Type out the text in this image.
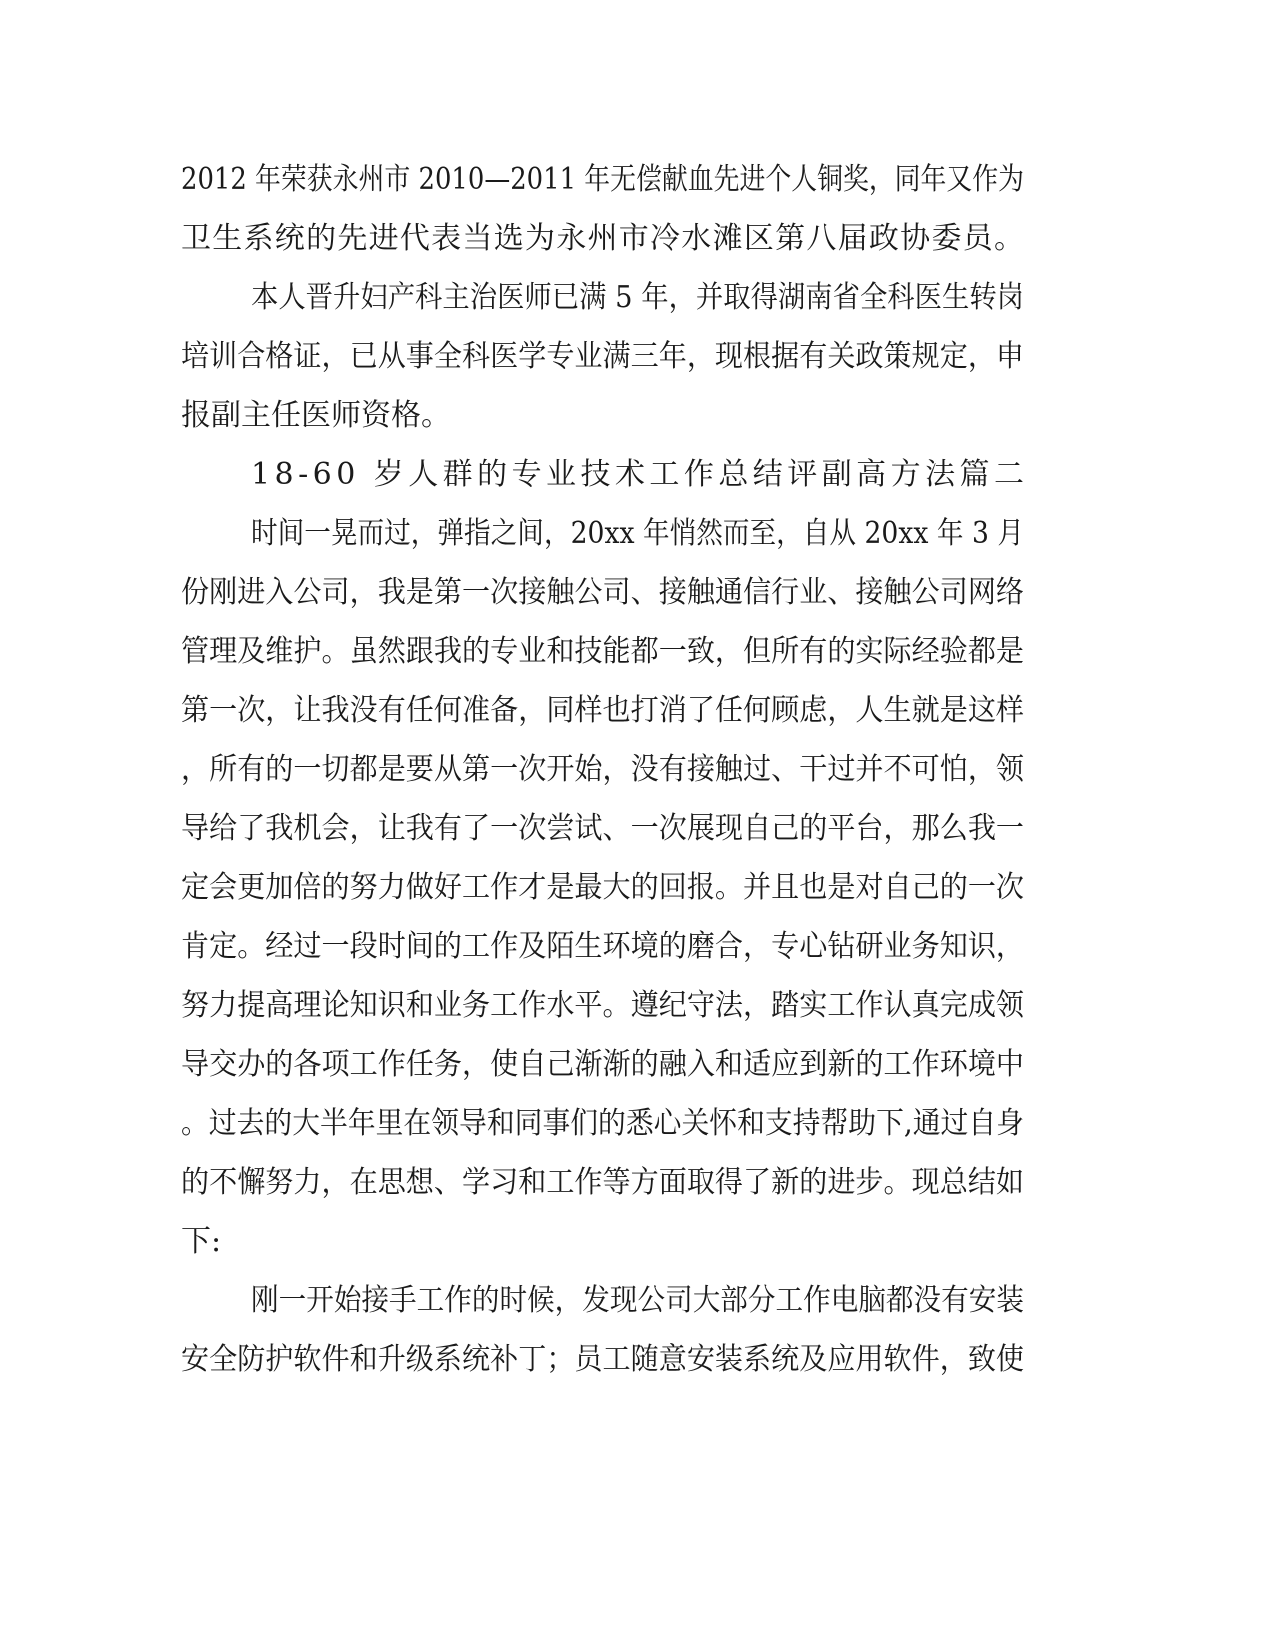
2012 年荣获永州市 2010—2011 年无偿献血先进个人铜奖，同年又作为
卫生系统的先进代表当选为永州市冷水滩区第八届政协委员。
本人晋升妇产科主治医师已满 5 年，并取得湖南省全科医生转岗
培训合格证，已从事全科医学专业满三年，现根据有关政策规定，申
报副主任医师资格。
18-60 岁人群的专业技术工作总结评副高方法篇二
时间一晃而过，弹指之间，20xx 年悄然而至，自从 20xx 年 3 月
份刚进入公司，我是第一次接触公司、接触通信行业、接触公司网络
管理及维护。虽然跟我的专业和技能都一致，但所有的实际经验都是
第一次，让我没有任何准备，同样也打消了任何顾虑，人生就是这样
，所有的一切都是要从第一次开始，没有接触过、干过并不可怕，领
导给了我机会，让我有了一次尝试、一次展现自己的平台，那么我一
定会更加倍的努力做好工作才是最大的回报。并且也是对自己的一次
肯定。经过一段时间的工作及陌生环境的磨合，专心钻研业务知识，
努力提高理论知识和业务工作水平。遵纪守法，踏实工作认真完成领
导交办的各项工作任务，使自己渐渐的融入和适应到新的工作环境中
。过去的大半年里在领导和同事们的悉心关怀和支持帮助下,通过自身
的不懈努力，在思想、学习和工作等方面取得了新的进步。现总结如
下:
刚一开始接手工作的时候，发现公司大部分工作电脑都没有安装
安全防护软件和升级系统补丁；员工随意安装系统及应用软件，致使
